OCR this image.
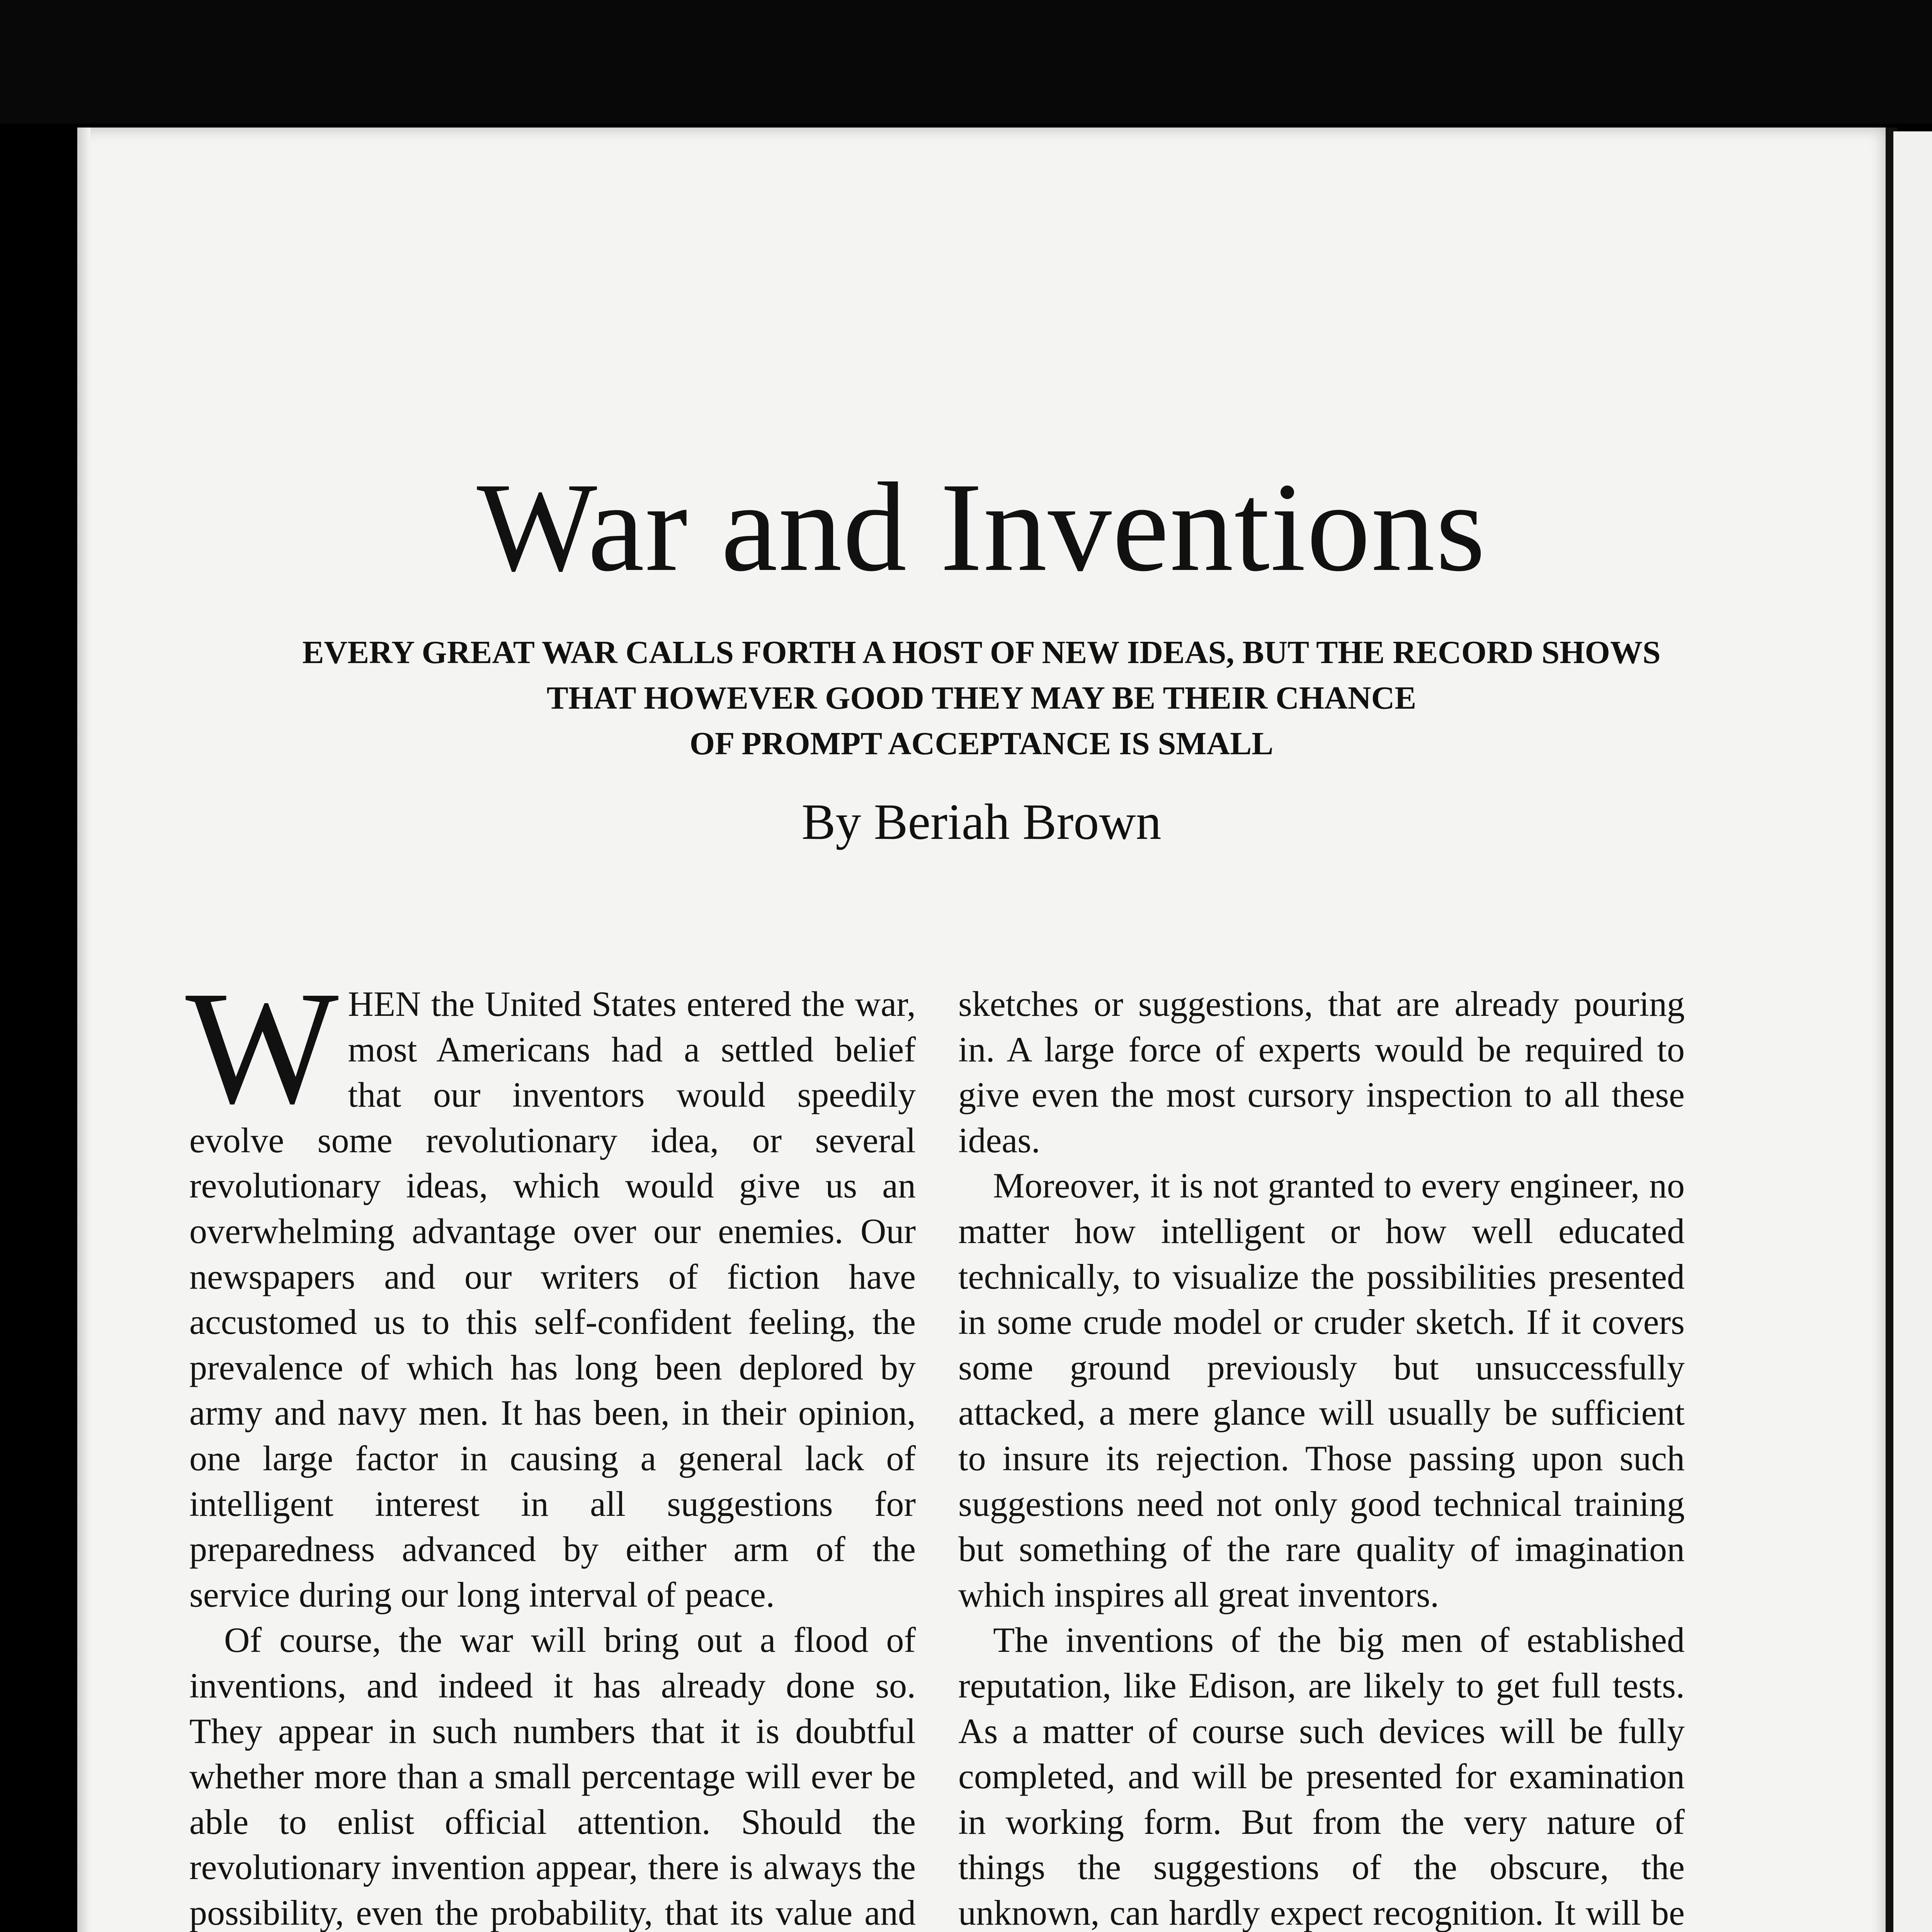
War and Inventions
EVERY GREAT WAR CALLS FORTH A HOST OF NEW IDEAS, BUT THE RECORD SHOWS
THAT HOWEVER GOOD THEY MAY BE THEIR CHANCE
OF PROMPT ACCEPTANCE IS SMALL
By Beriah Brown

WHEN the United States entered the war, most Americans had a settled belief that our inventors would speedily evolve some revolutionary idea, or several revolutionary ideas, which would give us an overwhelming advantage over our enemies. Our newspapers and our writers of fiction have accustomed us to this self-confident feeling, the prevalence of which has long been deplored by army and navy men. It has been, in their opinion, one large factor in causing a general lack of intelligent interest in all suggestions for preparedness advanced by either arm of the service during our long interval of peace.

Of course, the war will bring out a flood of inventions, and indeed it has already done so. They appear in such numbers that it is doubtful whether more than a small percentage will ever be able to enlist official attention. Should the revolutionary invention appear, there is always the possibility, even the probability, that its value and

sketches or suggestions, that are already pouring in. A large force of experts would be required to give even the most cursory inspection to all these ideas.

Moreover, it is not granted to every engineer, no matter how intelligent or how well educated technically, to visualize the possibilities presented in some crude model or cruder sketch. If it covers some ground previously but unsuccessfully attacked, a mere glance will usually be sufficient to insure its rejection. Those passing upon such suggestions need not only good technical training but something of the rare quality of imagination which inspires all great inventors.

The inventions of the big men of established reputation, like Edison, are likely to get full tests. As a matter of course such devices will be fully completed, and will be presented for examination in working form. But from the very nature of things the suggestions of the obscure, the unknown, can hardly expect recognition. It will be
